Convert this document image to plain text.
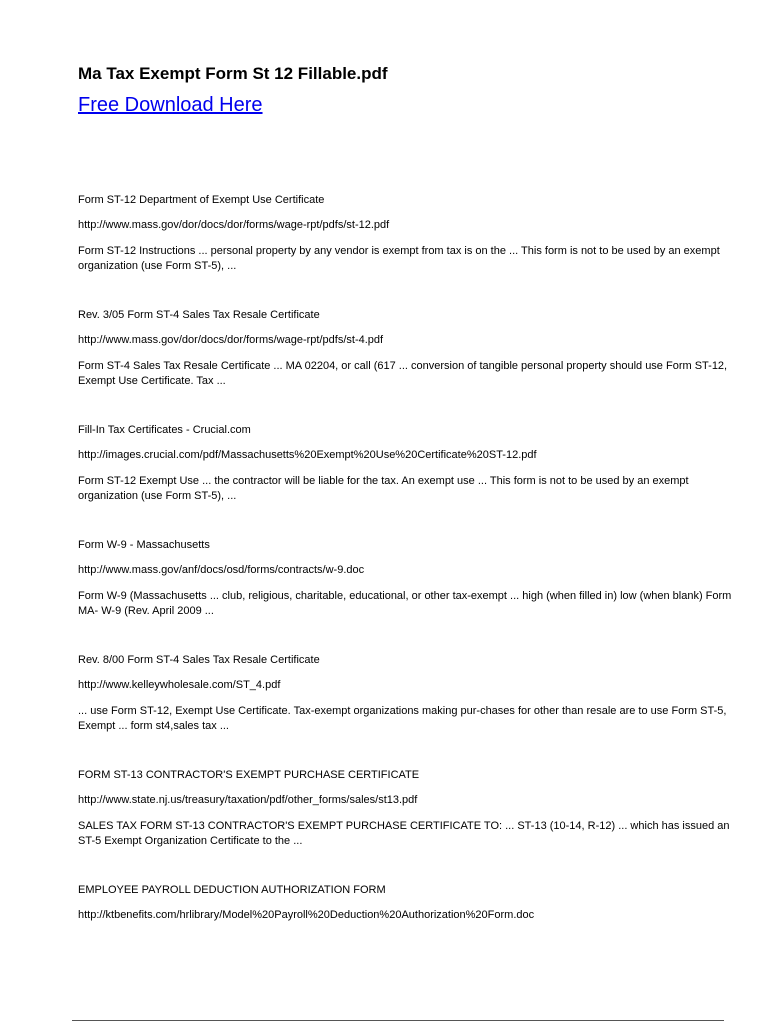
Ma Tax Exempt Form St 12 Fillable.pdf
Free Download Here

Form ST-12 Department of Exempt Use Certificate

http://www.mass.gov/dor/docs/dor/forms/wage-rpt/pdfs/st-12.pdf

Form ST-12 Instructions ... personal property by any vendor is exempt from tax is on the ... This form is not to be used by an exempt organization (use Form ST-5), ...

Rev. 3/05 Form ST-4 Sales Tax Resale Certificate

http://www.mass.gov/dor/docs/dor/forms/wage-rpt/pdfs/st-4.pdf

Form ST-4 Sales Tax Resale Certificate ... MA 02204, or call (617 ... conversion of tangible personal property should use Form ST-12, Exempt Use Certificate. Tax ...

Fill-In Tax Certificates - Crucial.com

http://images.crucial.com/pdf/Massachusetts%20Exempt%20Use%20Certificate%20ST-12.pdf

Form ST-12 Exempt Use ... the contractor will be liable for the tax. An exempt use ... This form is not to be used by an exempt organization (use Form ST-5), ...

Form W-9 - Massachusetts

http://www.mass.gov/anf/docs/osd/forms/contracts/w-9.doc

Form W-9 (Massachusetts ... club, religious, charitable, educational, or other tax-exempt ... high (when filled in) low (when blank) Form MA- W-9 (Rev. April 2009 ...

Rev. 8/00 Form ST-4 Sales Tax Resale Certificate

http://www.kelleywholesale.com/ST_4.pdf

... use Form ST-12, Exempt Use Certificate. Tax-exempt organizations making pur-chases for other than resale are to use Form ST-5, Exempt ... form st4,sales tax ...

FORM ST-13 CONTRACTOR'S EXEMPT PURCHASE CERTIFICATE

http://www.state.nj.us/treasury/taxation/pdf/other_forms/sales/st13.pdf

SALES TAX FORM ST-13 CONTRACTOR'S EXEMPT PURCHASE CERTIFICATE TO: ... ST-13 (10-14, R-12) ... which has issued an ST-5 Exempt Organization Certificate to the ...

EMPLOYEE PAYROLL DEDUCTION AUTHORIZATION FORM

http://ktbenefits.com/hrlibrary/Model%20Payroll%20Deduction%20Authorization%20Form.doc
